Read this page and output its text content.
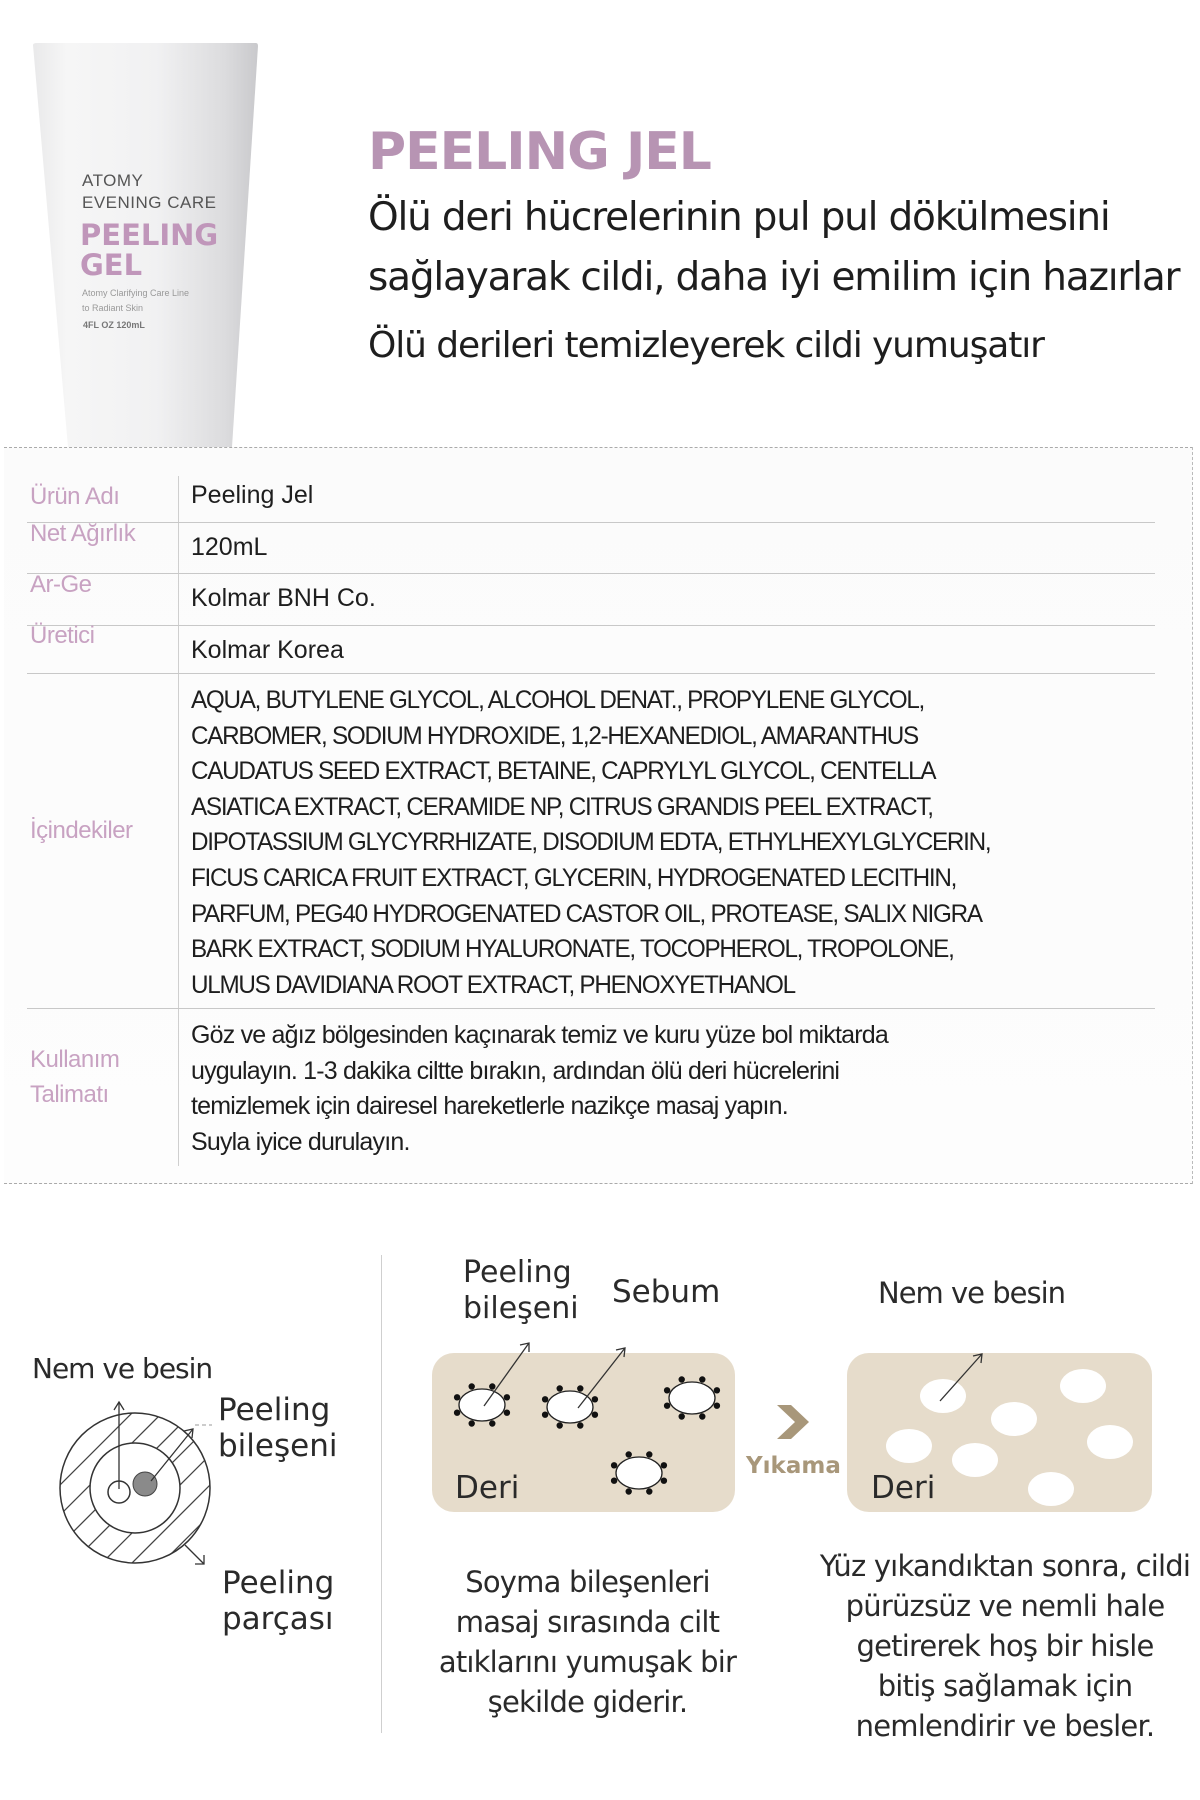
ATOMY
EVENING CARE
PEELING
GEL
Atomy Clarifying Care Line
to Radiant Skin
4FL OZ 120mL
PEELING JEL
Ölü deri hücrelerinin pul pul dökülmesini
sağlayarak cildi, daha iyi emilim için hazırlar
Ölü derileri temizleyerek cildi yumuşatır
Ürün Adı	Peeling Jel
Net Ağırlık 120mL
Ar-Ge	Kolmar BNH Co.
Üretici
Kolmar Korea
İçindekiler
AQUA, BUTYLENE GLYCOL, ALCOHOL DENAT., PROPYLENE GLYCOL,
CARBOMER, SODIUM HYDROXIDE, 1,2-HEXANEDIOL, AMARANTHUS
CAUDATUS SEED EXTRACT, BETAINE, CAPRYLYL GLYCOL, CENTELLA
ASIATICA EXTRACT, CERAMIDE NP, CITRUS GRANDIS PEEL EXTRACT,
DIPOTASSIUM GLYCYRRHIZATE, DISODIUM EDTA, ETHYLHEXYLGLYCERIN,
FICUS CARICA FRUIT EXTRACT, GLYCERIN, HYDROGENATED LECITHIN,
PARFUM, PEG40 HYDROGENATED CASTOR OIL, PROTEASE, SALIX NIGRA
BARK EXTRACT, SODIUM HYALURONATE, TOCOPHEROL, TROPOLONE,
ULMUS DAVIDIANA ROOT EXTRACT, PHENOXYETHANOL
Kullanım
Talimatı
Göz ve ağız bölgesinden kaçınarak temiz ve kuru yüze bol miktarda
uygulayın. 1-3 dakika ciltte bırakın, ardından ölü deri hücrelerini
temizlemek için dairesel hareketlerle nazikçe masaj yapın.
Suyla iyice durulayın.
Nem ve besin
Peeling
bileşeni
Peeling
parçası
Peeling
bileşeni Sebum
Deri
Yıkama
Nem ve besin
Deri
Soyma bileşenleri
masaj sırasında cilt
atıklarını yumuşak bir
şekilde giderir.
Yüz yıkandıktan sonra, cildi
pürüzsüz ve nemli hale
getirerek hoş bir hisle
bitiş sağlamak için
nemlendirir ve besler.
